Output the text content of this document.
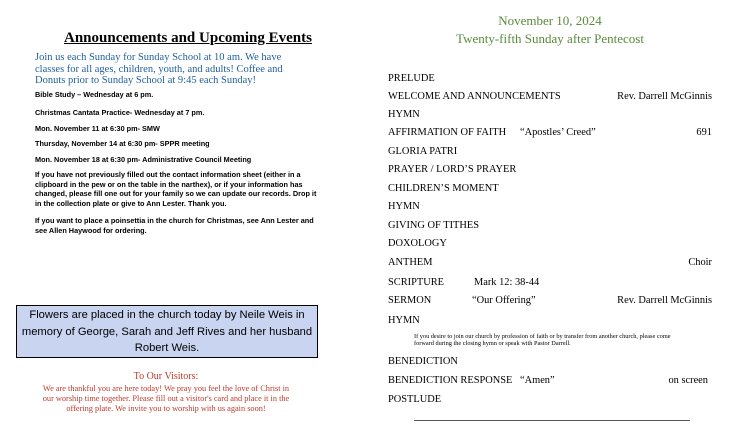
Announcements and Upcoming Events
Join us each Sunday for Sunday School at 10 am. We have classes for all ages, children, youth, and adults! Coffee and Donuts prior to Sunday School at 9:45 each Sunday!
Bible Study – Wednesday at 6 pm.
Christmas Cantata Practice- Wednesday at 7 pm.
Mon. November 11 at 6:30 pm- SMW
Thursday, November 14 at 6:30 pm- SPPR meeting
Mon. November 18 at 6:30 pm- Administrative Council Meeting
If you have not previously filled out the contact information sheet (either in a clipboard in the pew or on the table in the narthex), or if your information has changed, please fill one out for your family so we can update our records. Drop it in the collection plate or give to Ann Lester. Thank you.
If you want to place a poinsettia in the church for Christmas, see Ann Lester and see Allen Haywood for ordering.
Flowers are placed in the church today by Neile Weis in memory of George, Sarah and Jeff Rives and her husband Robert Weis.
To Our Visitors:
We are thankful you are here today! We pray you feel the love of Christ in our worship time together. Please fill out a visitor's card and place it in the offering plate. We invite you to worship with us again soon!
November 10, 2024
Twenty-fifth Sunday after Pentecost
PRELUDE
WELCOME AND ANNOUNCEMENTS	Rev. Darrell McGinnis
HYMN
AFFIRMATION OF FAITH “Apostles’ Creed”	691
GLORIA PATRI
PRAYER / LORD’S PRAYER
CHILDREN’S MOMENT
HYMN
GIVING OF TITHES
DOXOLOGY
ANTHEM	Choir
SCRIPTURE	Mark 12: 38-44
SERMON	“Our Offering”	Rev. Darrell McGinnis
HYMN
If you desire to join our church by profession of faith or by transfer from another church, please come forward during the closing hymn or speak with Pastor Darrell.
BENEDICTION
BENEDICTION RESPONSE “Amen”	on screen
POSTLUDE
